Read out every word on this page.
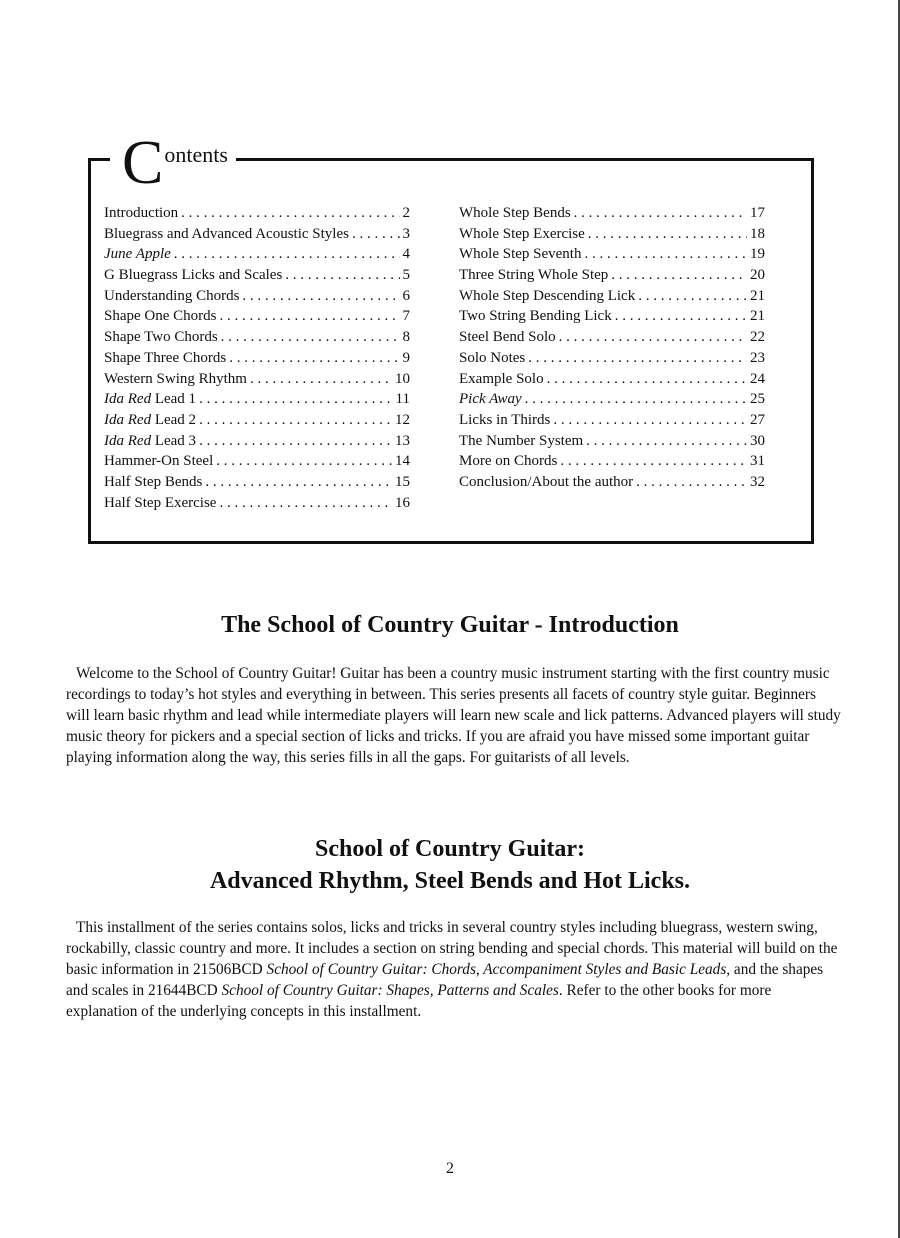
C ontents
Introduction . . .	2
Bluegrass and Advanced Acoustic Styles . . .	3
June Apple . . .	4
G Bluegrass Licks and Scales . . .	5
Understanding Chords . . .	6
Shape One Chords . . .	7
Shape Two Chords . . .	8
Shape Three Chords . . .	9
Western Swing Rhythm . . .	10
Ida Red Lead 1 . . .	11
Ida Red Lead 2 . . .	12
Ida Red Lead 3 . . .	13
Hammer-On Steel . . .	14
Half Step Bends . . .	15
Half Step Exercise . . .	16
Whole Step Bends . . .	17
Whole Step Exercise . . .	18
Whole Step Seventh . . .	19
Three String Whole Step . . .	20
Whole Step Descending Lick . . .	21
Two String Bending Lick . . .	21
Steel Bend Solo . . .	22
Solo Notes . . .	23
Example Solo . . .	24
Pick Away . . .	25
Licks in Thirds . . .	27
The Number System . . .	30
More on Chords . . .	31
Conclusion/About the author . . .	32
The School of Country Guitar - Introduction

Welcome to the School of Country Guitar! Guitar has been a country music instrument starting with the first country music recordings to today’s hot styles and everything in between. This series presents all facets of country style guitar. Beginners will learn basic rhythm and lead while intermediate players will learn new scale and lick patterns. Advanced players will study music theory for pickers and a special section of licks and tricks. If you are afraid you have missed some important guitar playing information along the way, this series fills in all the gaps. For guitarists of all levels.

School of Country Guitar:
Advanced Rhythm, Steel Bends and Hot Licks.

This installment of the series contains solos, licks and tricks in several country styles including bluegrass, western swing, rockabilly, classic country and more. It includes a section on string bending and special chords. This material will build on the basic information in 21506BCD School of Country Guitar: Chords, Accompaniment Styles and Basic Leads, and the shapes and scales in 21644BCD School of Country Guitar: Shapes, Patterns and Scales. Refer to the other books for more explanation of the underlying concepts in this installment.

2
